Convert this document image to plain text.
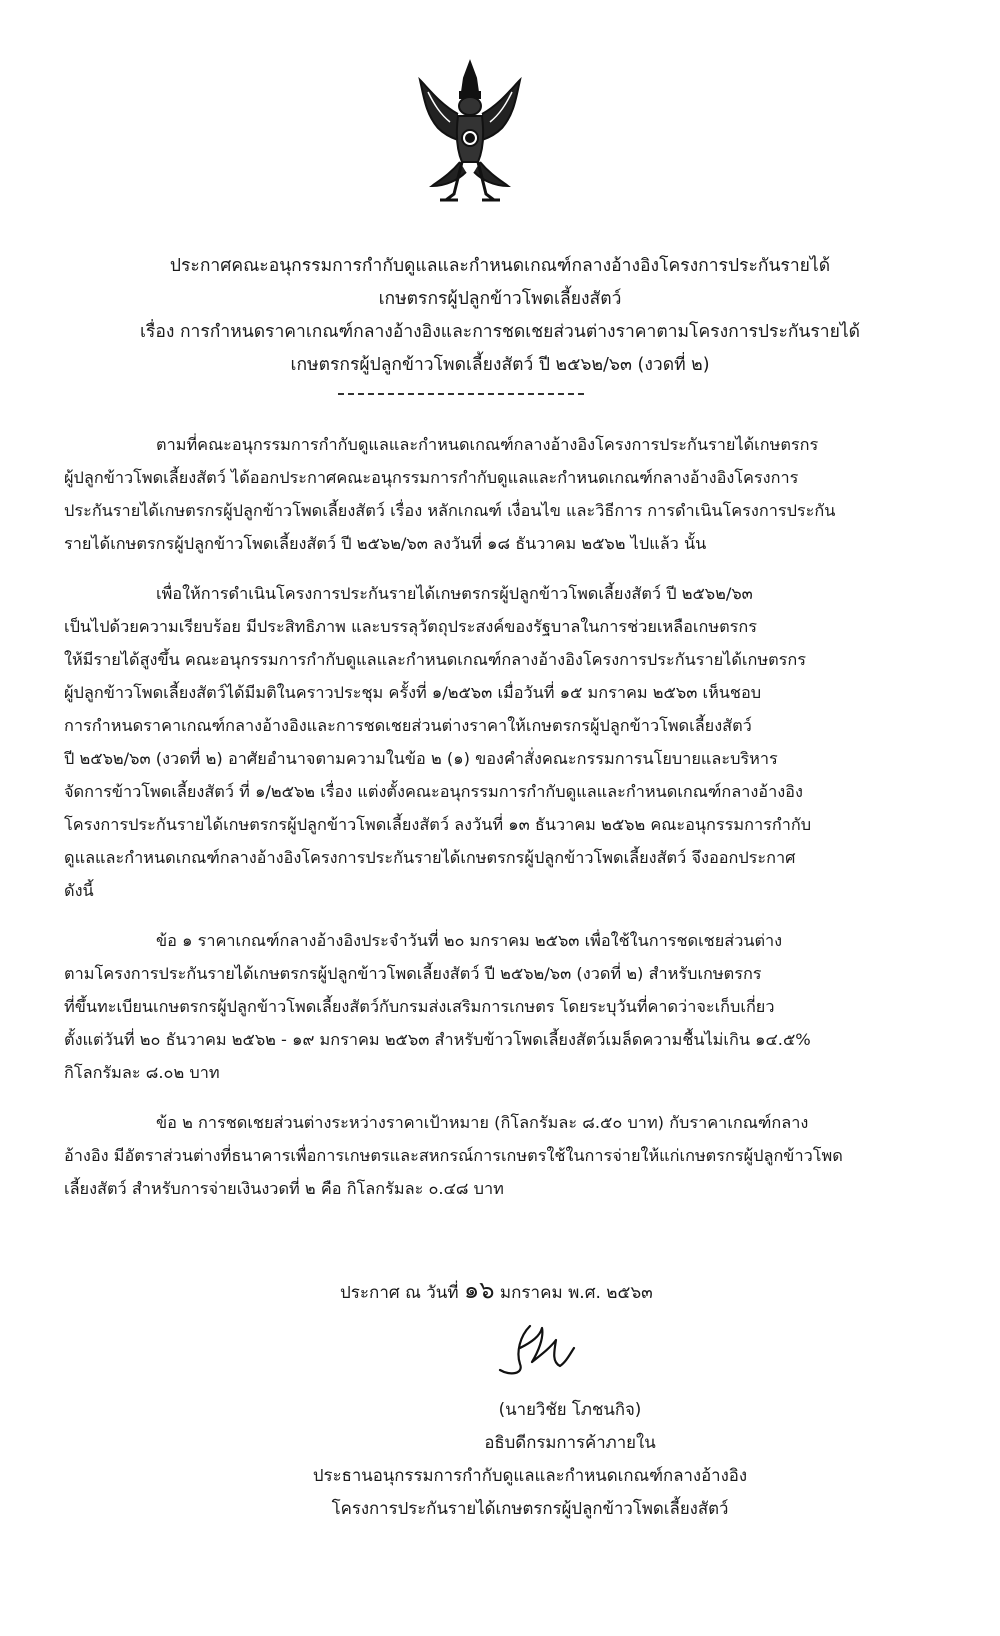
ประกาศคณะอนุกรรมการกำกับดูแลและกำหนดเกณฑ์กลางอ้างอิงโครงการประกันรายได้
เกษตรกรผู้ปลูกข้าวโพดเลี้ยงสัตว์
เรื่อง การกำหนดราคาเกณฑ์กลางอ้างอิงและการชดเชยส่วนต่างราคาตามโครงการประกันรายได้
เกษตรกรผู้ปลูกข้าวโพดเลี้ยงสัตว์ ปี ๒๕๖๒/๖๓ (งวดที่ ๒)

ตามที่คณะอนุกรรมการกำกับดูแลและกำหนดเกณฑ์กลางอ้างอิงโครงการประกันรายได้เกษตรกร

ผู้ปลูกข้าวโพดเลี้ยงสัตว์ ได้ออกประกาศคณะอนุกรรมการกำกับดูแลและกำหนดเกณฑ์กลางอ้างอิงโครงการ

ประกันรายได้เกษตรกรผู้ปลูกข้าวโพดเลี้ยงสัตว์ เรื่อง หลักเกณฑ์ เงื่อนไข และวิธีการ การดำเนินโครงการประกัน

รายได้เกษตรกรผู้ปลูกข้าวโพดเลี้ยงสัตว์ ปี ๒๕๖๒/๖๓ ลงวันที่ ๑๘ ธันวาคม ๒๕๖๒ ไปแล้ว นั้น

เพื่อให้การดำเนินโครงการประกันรายได้เกษตรกรผู้ปลูกข้าวโพดเลี้ยงสัตว์ ปี ๒๕๖๒/๖๓

เป็นไปด้วยความเรียบร้อย มีประสิทธิภาพ และบรรลุวัตถุประสงค์ของรัฐบาลในการช่วยเหลือเกษตรกร

ให้มีรายได้สูงขึ้น คณะอนุกรรมการกำกับดูแลและกำหนดเกณฑ์กลางอ้างอิงโครงการประกันรายได้เกษตรกร

ผู้ปลูกข้าวโพดเลี้ยงสัตว์ได้มีมติในคราวประชุม ครั้งที่ ๑/๒๕๖๓ เมื่อวันที่ ๑๕ มกราคม ๒๕๖๓ เห็นชอบ

การกำหนดราคาเกณฑ์กลางอ้างอิงและการชดเชยส่วนต่างราคาให้เกษตรกรผู้ปลูกข้าวโพดเลี้ยงสัตว์

ปี ๒๕๖๒/๖๓ (งวดที่ ๒) อาศัยอำนาจตามความในข้อ ๒ (๑) ของคำสั่งคณะกรรมการนโยบายและบริหาร

จัดการข้าวโพดเลี้ยงสัตว์ ที่ ๑/๒๕๖๒ เรื่อง แต่งตั้งคณะอนุกรรมการกำกับดูแลและกำหนดเกณฑ์กลางอ้างอิง

โครงการประกันรายได้เกษตรกรผู้ปลูกข้าวโพดเลี้ยงสัตว์ ลงวันที่ ๑๓ ธันวาคม ๒๕๖๒ คณะอนุกรรมการกำกับ

ดูแลและกำหนดเกณฑ์กลางอ้างอิงโครงการประกันรายได้เกษตรกรผู้ปลูกข้าวโพดเลี้ยงสัตว์ จึงออกประกาศ

ดังนี้

ข้อ ๑ ราคาเกณฑ์กลางอ้างอิงประจำวันที่ ๒๐ มกราคม ๒๕๖๓ เพื่อใช้ในการชดเชยส่วนต่าง

ตามโครงการประกันรายได้เกษตรกรผู้ปลูกข้าวโพดเลี้ยงสัตว์ ปี ๒๕๖๒/๖๓ (งวดที่ ๒) สำหรับเกษตรกร

ที่ขึ้นทะเบียนเกษตรกรผู้ปลูกข้าวโพดเลี้ยงสัตว์กับกรมส่งเสริมการเกษตร โดยระบุวันที่คาดว่าจะเก็บเกี่ยว

ตั้งแต่วันที่ ๒๐ ธันวาคม ๒๕๖๒ - ๑๙ มกราคม ๒๕๖๓ สำหรับข้าวโพดเลี้ยงสัตว์เมล็ดความชื้นไม่เกิน ๑๔.๕%

กิโลกรัมละ ๘.๐๒ บาท

ข้อ ๒ การชดเชยส่วนต่างระหว่างราคาเป้าหมาย (กิโลกรัมละ ๘.๕๐ บาท) กับราคาเกณฑ์กลาง

อ้างอิง มีอัตราส่วนต่างที่ธนาคารเพื่อการเกษตรและสหกรณ์การเกษตรใช้ในการจ่ายให้แก่เกษตรกรผู้ปลูกข้าวโพด

เลี้ยงสัตว์ สำหรับการจ่ายเงินงวดที่ ๒ คือ กิโลกรัมละ ๐.๔๘ บาท

ประกาศ ณ วันที่ ๑๖ มกราคม พ.ศ. ๒๕๖๓
(นายวิชัย โภชนกิจ)
อธิบดีกรมการค้าภายใน
ประธานอนุกรรมการกำกับดูแลและกำหนดเกณฑ์กลางอ้างอิง
โครงการประกันรายได้เกษตรกรผู้ปลูกข้าวโพดเลี้ยงสัตว์
